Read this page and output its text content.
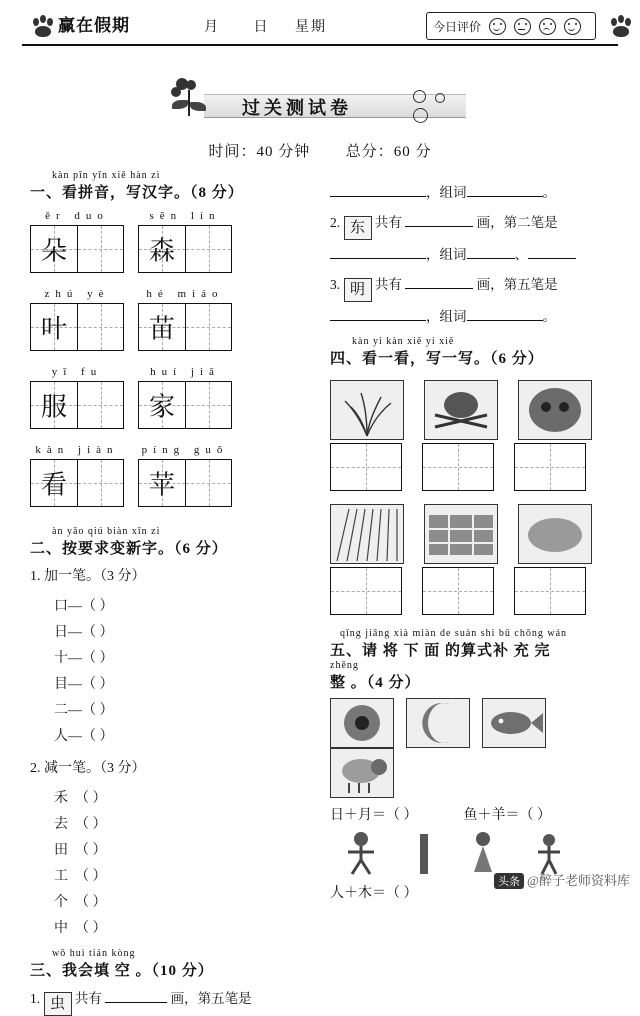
赢在假期	月 日 星期	今日评价

过关测试卷

时间：40 分钟 总分：60 分
kàn pīn yīn xiě hàn zì
一、看拼音，写汉字。（8 分）
ěr duo
朵
sēn lín
森
zhú yè
叶
hé miáo
苗
yī fu
服
huí jiā
家
kàn jiàn
看
píng guǒ
苹
àn yāo qiú biàn xīn zì
二、按要求变新字。（6 分）
1. 加一笔。（3 分）
口—（ ） 日—（ ）
十—（ ） 目—（ ）
二—（ ） 人—（ ）
2. 减一笔。（3 分）
禾 （ ） 去 （ ）
田 （ ） 工 （ ）
个 （ ） 中 （ ）
wǒ huì tián kòng
三、我会填 空 。（10 分）
1. 虫 共有	画，第五笔是
，组词	。
2. 东 共有	画，第二笔是
，组词	、
3. 明 共有	画，第五笔是
，组词	。
kàn yi kàn xiě yi xiě
四、看一看，写一写。（6 分）

qǐng jiāng xià miàn de suàn shì bǔ chōng wán
五、请 将 下 面 的算式补 充 完
zhěng
整 。（4 分）

日＋月＝（ ）	鱼＋羊＝（ ）

人＋木＝（ ）
头条 @醉子老师资料库
